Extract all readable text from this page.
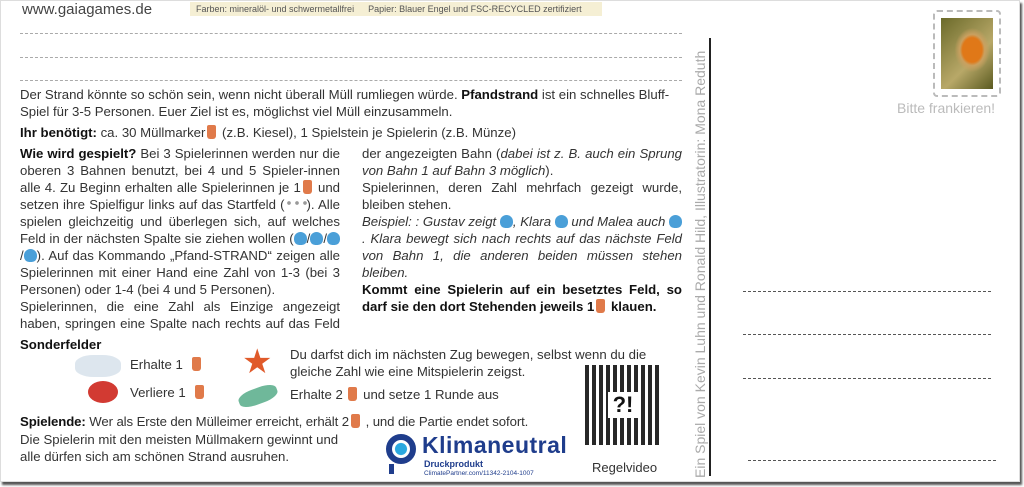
www.gaiagames.de	Farben: mineralöl- und schwermetallfrei Papier: Blauer Engel und FSC-RECYCLED zertifiziert
Der Strand könnte so schön sein, wenn nicht überall Müll rumliegen würde. Pfandstrand ist ein schnelles Bluff-Spiel für 3-5 Personen. Euer Ziel ist es, möglichst viel Müll einzusammeln.
Ihr benötigt: ca. 30 Müllmarker (z.B. Kiesel), 1 Spielstein je Spielerin (z.B. Münze)
Wie wird gespielt? Bei 3 Spielerinnen werden nur die oberen 3 Bahnen benutzt, bei 4 und 5 Spieler-innen alle 4. Zu Beginn erhalten alle Spielerinnen je 1 und setzen ihre Spielfigur links auf das Startfeld ( ). Alle spielen gleichzeitig und überlegen sich, auf welches Feld in der nächsten Spalte sie ziehen wollen ( / // ). Auf das Kommando „Pfand-STRAND“ zeigen alle Spielerinnen mit einer Hand eine Zahl von 1-3 (bei 3 Personen) oder 1-4 (bei 4 und 5 Personen).
Spielerinnen, die eine Zahl als Einzige angezeigt haben, springen eine Spalte nach rechts auf das Feld der angezeigten Bahn (dabei ist z. B. auch ein Sprung von Bahn 1 auf Bahn 3 möglich).
Spielerinnen, deren Zahl mehrfach gezeigt wurde, bleiben stehen.
Beispiel: : Gustav zeigt , Klara  und Malea auch . Klara bewegt sich nach rechts auf das nächste Feld von Bahn 1, die anderen beiden müssen stehen bleiben.
Kommt eine Spielerin auf ein besetztes Feld, so darf sie den dort Stehenden jeweils 1 klauen.
Sonderfelder
Erhalte 1
Verliere 1
★ Du darfst dich im nächsten Zug bewegen, selbst wenn du die gleiche Zahl wie eine Mitspielerin zeigst.
Erhalte 2  und setze 1 Runde aus
Spielende: Wer als Erste den Mülleimer erreicht, erhält 2 , und die Partie endet sofort.
Die Spielerin mit den meisten Müllmakern gewinnt und alle dürfen sich am schönen Strand ausruhen.	Klimaneutral
Druckprodukt
ClimatePartner.com/11342-2104-1007
?!
Regelvideo Ein Spiel von Kevin Luhn und Ronald Hild, Illustratorin: Mona Reduth	Bitte frankieren!
